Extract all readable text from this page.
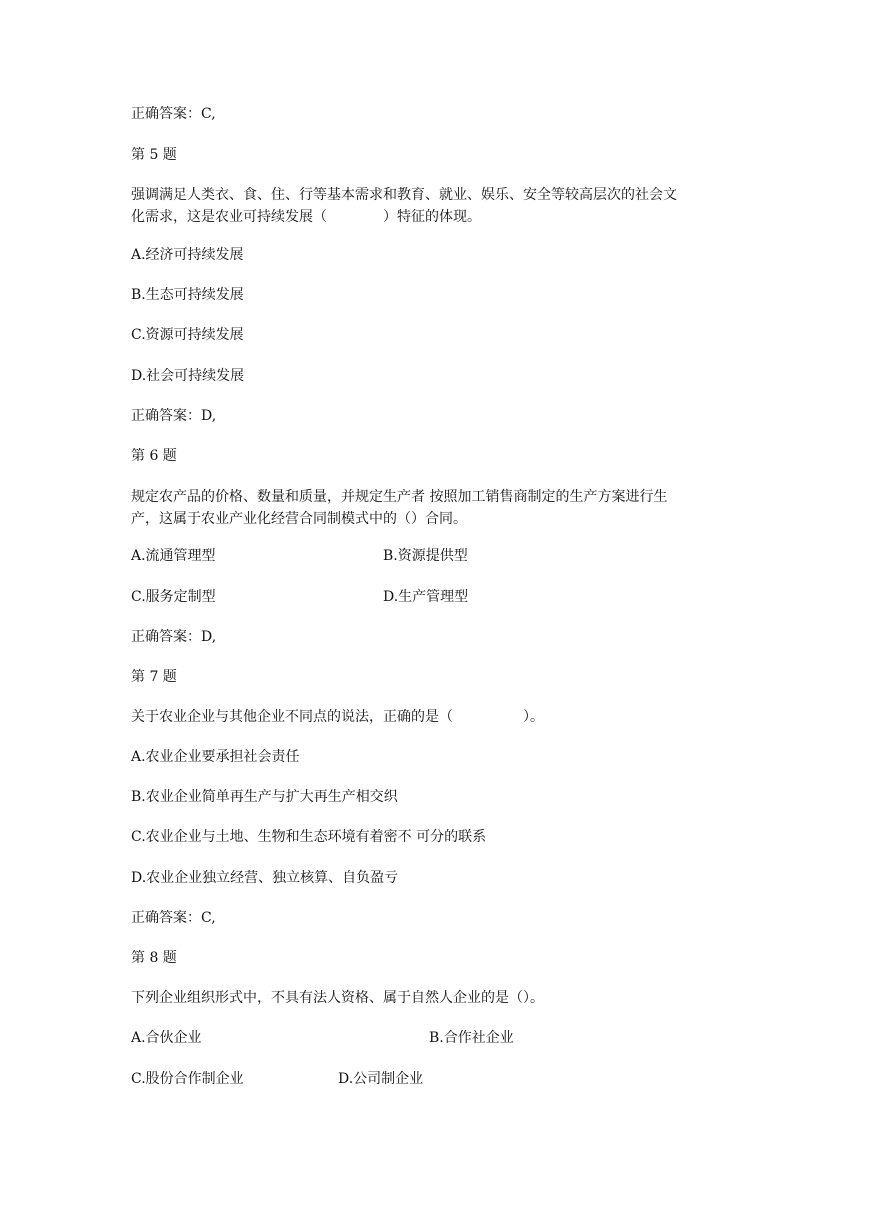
正确答案：C,
第 5 题
强调满足人类衣、食、住、行等基本需求和教育、就业、娱乐、安全等较高层次的社会文
化需求，这是农业可持续发展（　　　　）特征的体现。
A.经济可持续发展
B.生态可持续发展
C.资源可持续发展
D.社会可持续发展
正确答案：D,
第 6 题
规定农产品的价格、数量和质量，并规定生产者 按照加工销售商制定的生产方案进行生
产，这属于农业产业化经营合同制模式中的（）合同。
A.流通管理型	B.资源提供型
C.服务定制型	D.生产管理型
正确答案：D,
第 7 题
关于农业企业与其他企业不同点的说法，正确的是（　　　　　）。
A.农业企业要承担社会责任
B.农业企业简单再生产与扩大再生产相交织
C.农业企业与土地、生物和生态环境有着密不 可分的联系
D.农业企业独立经营、独立核算、自负盈亏
正确答案：C,
第 8 题
下列企业组织形式中，不具有法人资格、属于自然人企业的是（）。
A.合伙企业	B.合作社企业
C.股份合作制企业	D.公司制企业
